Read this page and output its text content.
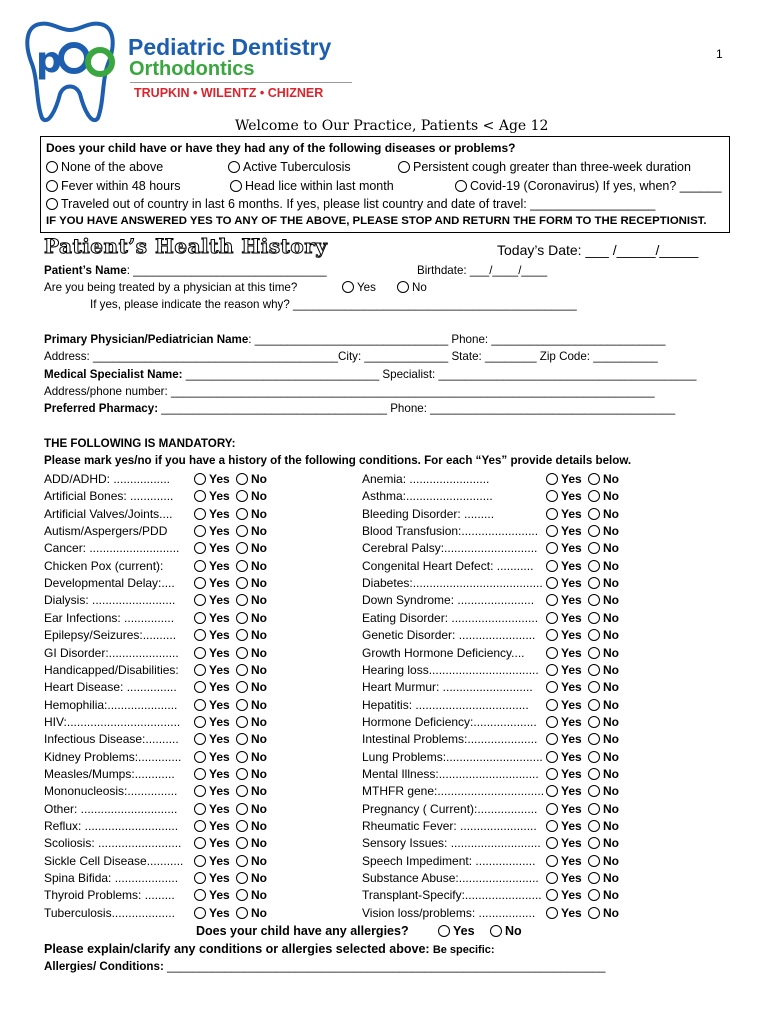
p	Pediatric Dentistry
Orthodontics
TRUPKIN • WILENTZ • CHIZNER
1
Welcome to Our Practice, Patients < Age 12
Does your child have or have they had any of the following diseases or problems?
None of the above	Active Tuberculosis	Persistent cough greater than three-week duration
Fever within 48 hours	Head lice within last month	Covid-19 (Coronavirus) If yes, when? ______
Traveled out of country in last 6 months. If yes, please list country and date of travel: __________________
IF YOU HAVE ANSWERED YES TO ANY OF THE ABOVE, PLEASE STOP AND RETURN THE FORM TO THE RECEPTIONIST.
Patient’s Health History	Today’s Date: ___ /_____/_____
Patient’s Name: ______________________________	Birthdate: ___/____/____
Are you being treated by a physician at this time?	Yes	No
If yes, please indicate the reason why? ____________________________________________
Primary Physician/Pediatrician Name: ______________________________ Phone: ___________________________
Address: ______________________________________City: _____________ State: ________ Zip Code: __________
Medical Specialist Name: ______________________________ Specialist: ________________________________________
Address/phone number: ___________________________________________________________________________
Preferred Pharmacy: ___________________________________ Phone: ______________________________________
THE FOLLOWING IS MANDATORY:
Please mark yes/no if you have a history of the following conditions. For each “Yes” provide details below.
ADD/ADHD: .................	Yes	No
Artificial Bones: .............	Yes	No
Artificial Valves/Joints....	Yes	No
Autism/Aspergers/PDD	Yes	No
Cancer: ...........................	Yes	No
Chicken Pox (current):	Yes	No
Developmental Delay:....	Yes	No
Dialysis: .........................	Yes	No
Ear Infections: ...............	Yes	No
Epilepsy/Seizures:..........	Yes	No
GI Disorder:.....................	Yes	No
Handicapped/Disabilities:	Yes	No
Heart Disease: ...............	Yes	No
Hemophilia:.....................	Yes	No
HIV:..................................	Yes	No
Infectious Disease:..........	Yes	No
Kidney Problems:.............	Yes	No
Measles/Mumps:............	Yes	No
Mononucleosis:...............	Yes	No
Other: .............................	Yes	No
Reflux: ............................	Yes	No
Scoliosis: .........................	Yes	No
Sickle Cell Disease...........	Yes	No
Spina Bifida: ...................	Yes	No
Thyroid Problems: .........	Yes	No
Tuberculosis...................	Yes	No
Anemia: ........................	Yes	No
Asthma:..........................	Yes	No
Bleeding Disorder: .........	Yes	No
Blood Transfusion:.......................	Yes	No
Cerebral Palsy:............................	Yes	No
Congenital Heart Defect: ...........	Yes	No
Diabetes:.......................................	Yes	No
Down Syndrome: .......................	Yes	No
Eating Disorder: ..........................	Yes	No
Genetic Disorder: .......................	Yes	No
Growth Hormone Deficiency....	Yes	No
Hearing loss.................................	Yes	No
Heart Murmur: ...........................	Yes	No
Hepatitis: ..................................	Yes	No
Hormone Deficiency:...................	Yes	No
Intestinal Problems:.....................	Yes	No
Lung Problems:.............................	Yes	No
Mental Illness:..............................	Yes	No
MTHFR gene:................................	Yes	No
Pregnancy ( Current):..................	Yes	No
Rheumatic Fever: .......................	Yes	No
Sensory Issues: ...........................	Yes	No
Speech Impediment: ..................	Yes	No
Substance Abuse:........................	Yes	No
Transplant-Specify:.......................	Yes	No
Vision loss/problems: .................	Yes	No
Does your child have any allergies?	Yes	No
Please explain/clarify any conditions or allergies selected above: Be specific:
Allergies/ Conditions: ____________________________________________________________________
